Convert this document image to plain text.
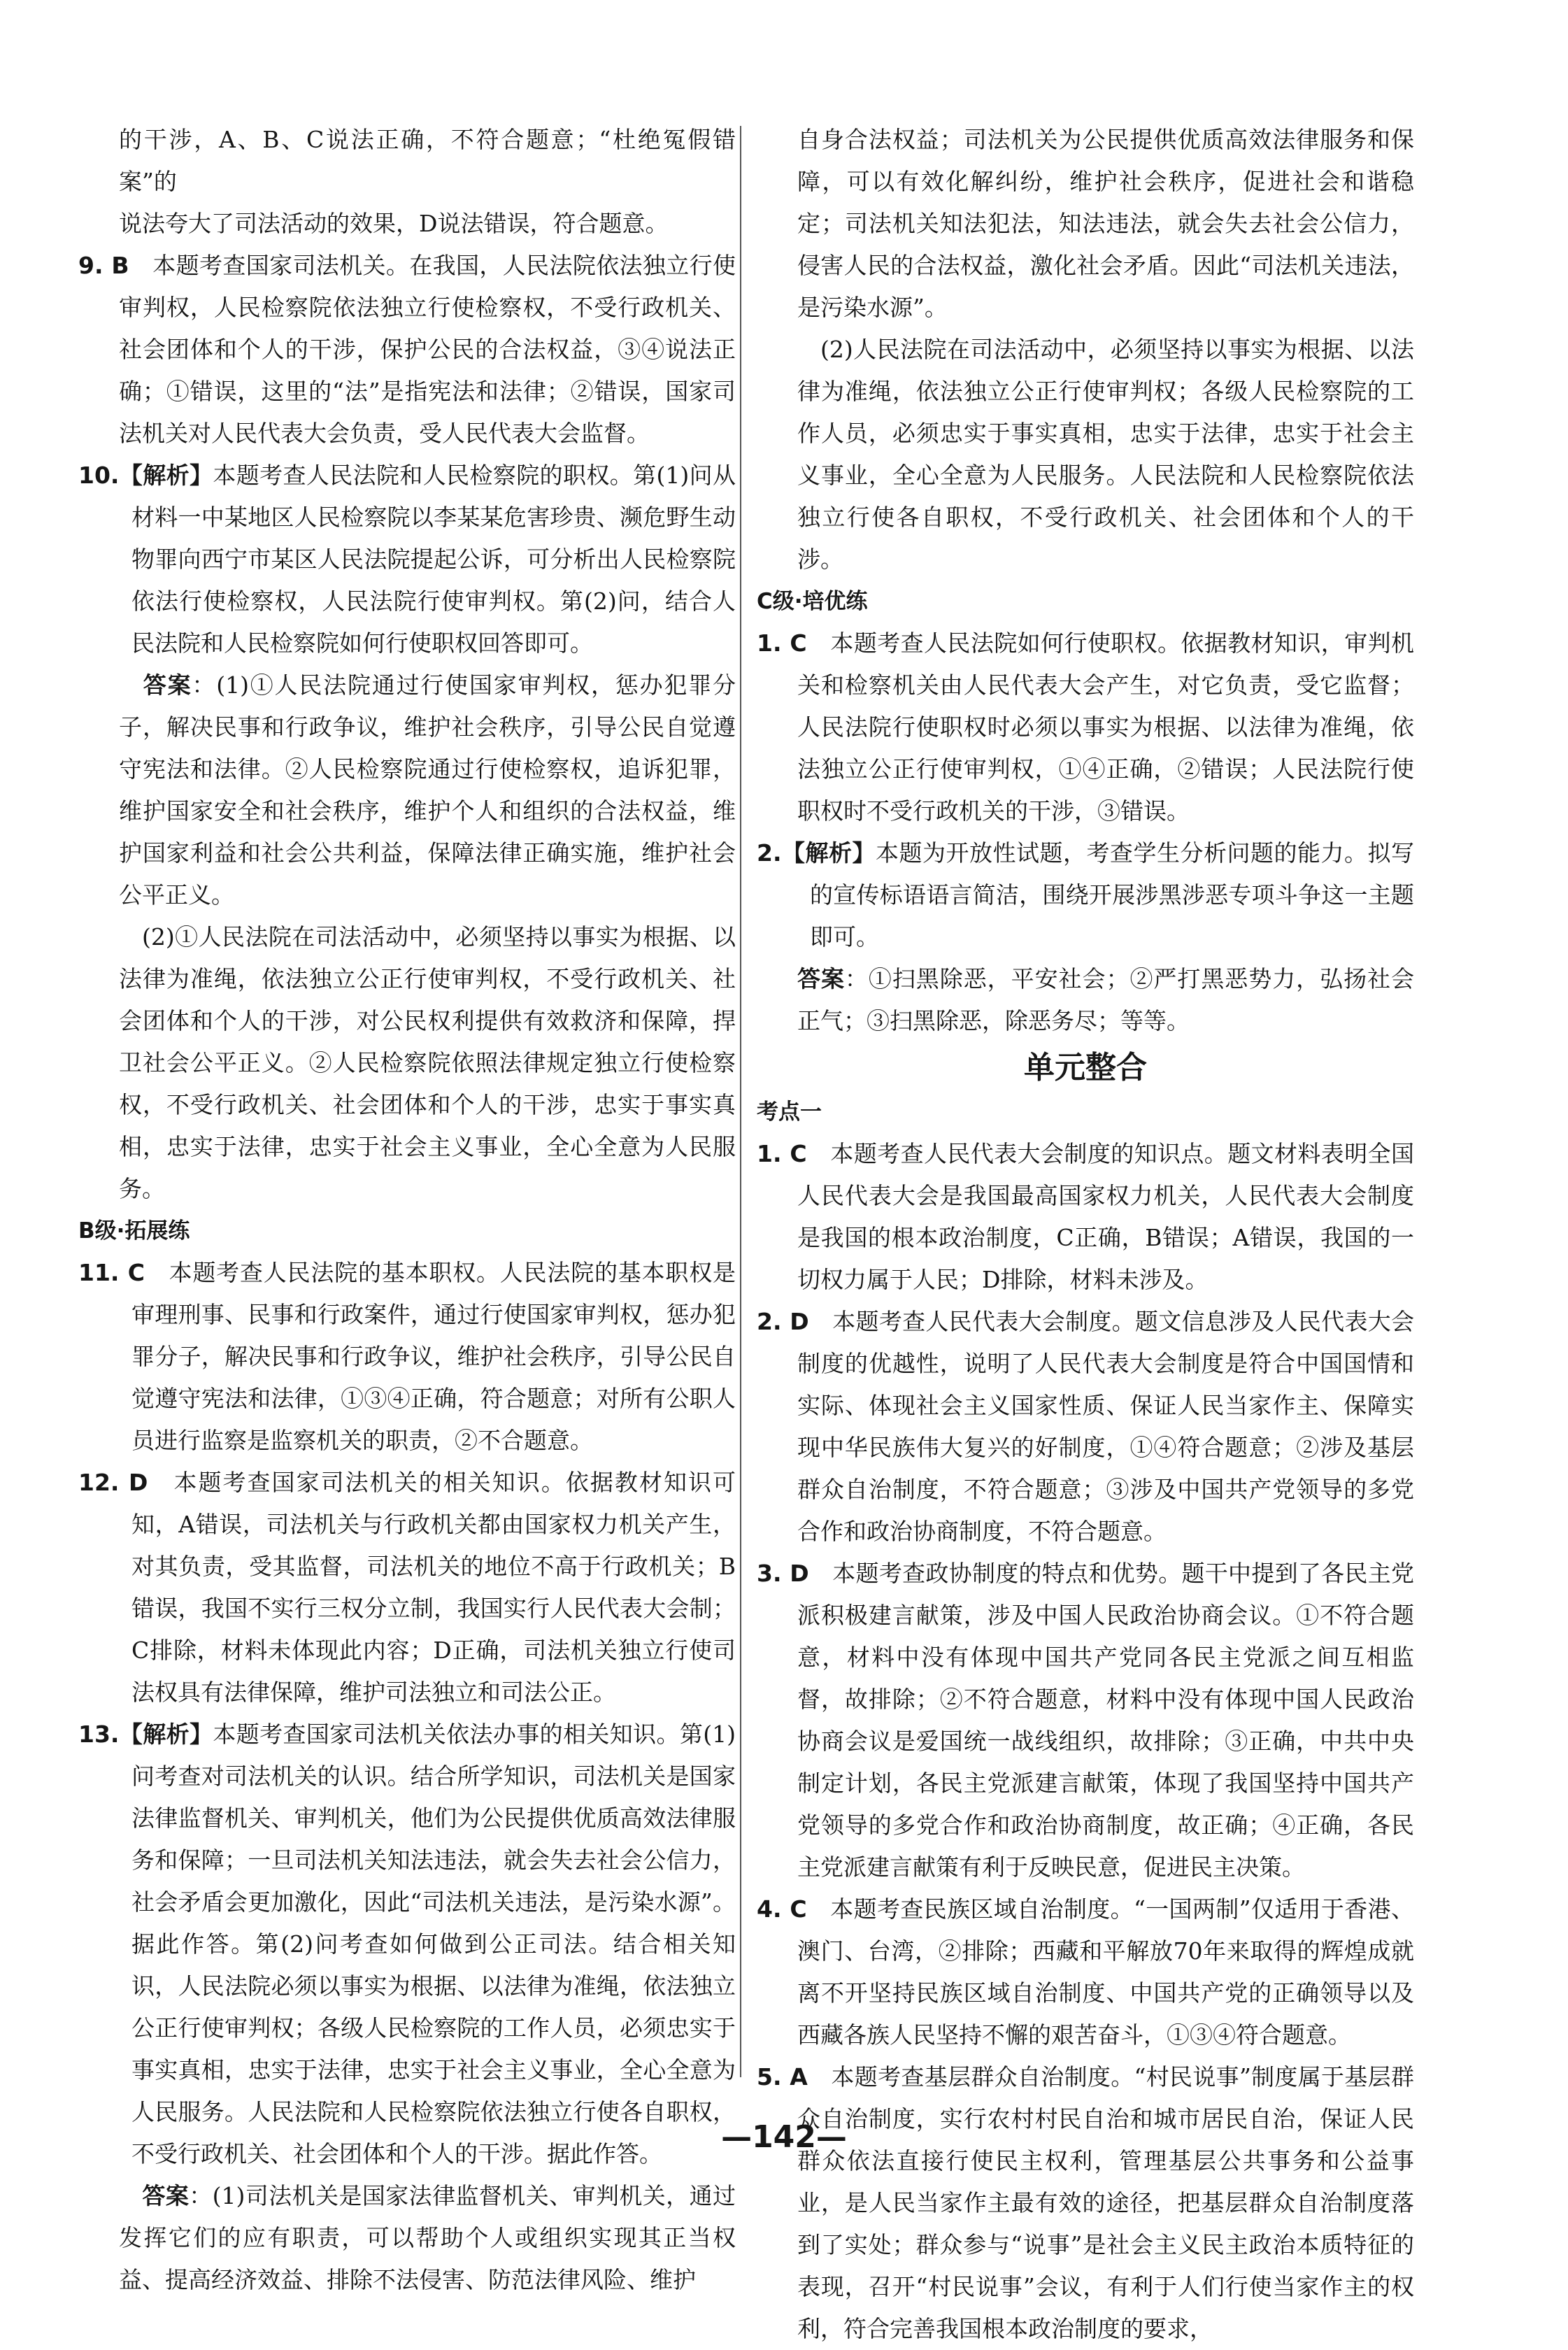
的干涉，A、B、C说法正确，不符合题意；“杜绝冤假错案”的
说法夸大了司法活动的效果，D说法错误，符合题意。

9. B　 本题考查国家司法机关。在我国，人民法院依法独立行使审判权，人民检察院依法独立行使检察权，不受行政机关、社会团体和个人的干涉，保护公民的合法权益，③④说法正确；①错误，这里的“法”是指宪法和法律；②错误，国家司法机关对人民代表大会负责，受人民代表大会监督。

10.【解析】本题考查人民法院和人民检察院的职权。第(1)问从材料一中某地区人民检察院以李某某危害珍贵、濒危野生动物罪向西宁市某区人民法院提起公诉，可分析出人民检察院依法行使检察权，人民法院行使审判权。第(2)问，结合人民法院和人民检察院如何行使职权回答即可。

答案：(1)①人民法院通过行使国家审判权，惩办犯罪分子，解决民事和行政争议，维护社会秩序，引导公民自觉遵守宪法和法律。②人民检察院通过行使检察权，追诉犯罪，维护国家安全和社会秩序，维护个人和组织的合法权益，维护国家利益和社会公共利益，保障法律正确实施，维护社会公平正义。

(2)①人民法院在司法活动中，必须坚持以事实为根据、以法律为准绳，依法独立公正行使审判权，不受行政机关、社会团体和个人的干涉，对公民权利提供有效救济和保障，捍卫社会公平正义。②人民检察院依照法律规定独立行使检察权，不受行政机关、社会团体和个人的干涉，忠实于事实真相，忠实于法律，忠实于社会主义事业，全心全意为人民服务。

B级·拓展练

11. C　 本题考查人民法院的基本职权。人民法院的基本职权是审理刑事、民事和行政案件，通过行使国家审判权，惩办犯罪分子，解决民事和行政争议，维护社会秩序，引导公民自觉遵守宪法和法律，①③④正确，符合题意；对所有公职人员进行监察是监察机关的职责，②不合题意。

12. D　 本题考查国家司法机关的相关知识。依据教材知识可知，A错误，司法机关与行政机关都由国家权力机关产生，对其负责，受其监督，司法机关的地位不高于行政机关；B错误，我国不实行三权分立制，我国实行人民代表大会制；C排除，材料未体现此内容；D正确，司法机关独立行使司法权具有法律保障，维护司法独立和司法公正。

13.【解析】本题考查国家司法机关依法办事的相关知识。第(1)问考查对司法机关的认识。结合所学知识，司法机关是国家法律监督机关、审判机关，他们为公民提供优质高效法律服务和保障；一旦司法机关知法违法，就会失去社会公信力，社会矛盾会更加激化，因此“司法机关违法，是污染水源”。据此作答。第(2)问考查如何做到公正司法。结合相关知识，人民法院必须以事实为根据、以法律为准绳，依法独立公正行使审判权；各级人民检察院的工作人员，必须忠实于事实真相，忠实于法律，忠实于社会主义事业，全心全意为人民服务。人民法院和人民检察院依法独立行使各自职权，不受行政机关、社会团体和个人的干涉。据此作答。

答案：(1)司法机关是国家法律监督机关、审判机关，通过发挥它们的应有职责，可以帮助个人或组织实现其正当权益、提高经济效益、排除不法侵害、防范法律风险、维护

自身合法权益；司法机关为公民提供优质高效法律服务和保障，可以有效化解纠纷，维护社会秩序，促进社会和谐稳定；司法机关知法犯法，知法违法，就会失去社会公信力，侵害人民的合法权益，激化社会矛盾。因此“司法机关违法，是污染水源”。

(2)人民法院在司法活动中，必须坚持以事实为根据、以法律为准绳，依法独立公正行使审判权；各级人民检察院的工作人员，必须忠实于事实真相，忠实于法律，忠实于社会主义事业，全心全意为人民服务。人民法院和人民检察院依法独立行使各自职权，不受行政机关、社会团体和个人的干涉。

C级·培优练

1. C　 本题考查人民法院如何行使职权。依据教材知识，审判机关和检察机关由人民代表大会产生，对它负责，受它监督；人民法院行使职权时必须以事实为根据、以法律为准绳，依法独立公正行使审判权，①④正确，②错误；人民法院行使职权时不受行政机关的干涉，③错误。

2.【解析】本题为开放性试题，考查学生分析问题的能力。拟写的宣传标语语言简洁，围绕开展涉黑涉恶专项斗争这一主题即可。

答案：①扫黑除恶，平安社会；②严打黑恶势力，弘扬社会正气；③扫黑除恶，除恶务尽；等等。

单元整合

考点一

1. C　 本题考查人民代表大会制度的知识点。题文材料表明全国人民代表大会是我国最高国家权力机关，人民代表大会制度是我国的根本政治制度，C正确，B错误；A错误，我国的一切权力属于人民；D排除，材料未涉及。

2. D　 本题考查人民代表大会制度。题文信息涉及人民代表大会制度的优越性，说明了人民代表大会制度是符合中国国情和实际、体现社会主义国家性质、保证人民当家作主、保障实现中华民族伟大复兴的好制度，①④符合题意；②涉及基层群众自治制度，不符合题意；③涉及中国共产党领导的多党合作和政治协商制度，不符合题意。

3. D　 本题考查政协制度的特点和优势。题干中提到了各民主党派积极建言献策，涉及中国人民政治协商会议。①不符合题意，材料中没有体现中国共产党同各民主党派之间互相监督，故排除；②不符合题意，材料中没有体现中国人民政治协商会议是爱国统一战线组织，故排除；③正确，中共中央制定计划，各民主党派建言献策，体现了我国坚持中国共产党领导的多党合作和政治协商制度，故正确；④正确，各民主党派建言献策有利于反映民意，促进民主决策。

4. C　 本题考查民族区域自治制度。“一国两制”仅适用于香港、澳门、台湾，②排除；西藏和平解放70年来取得的辉煌成就离不开坚持民族区域自治制度、中国共产党的正确领导以及西藏各族人民坚持不懈的艰苦奋斗，①③④符合题意。

5. A　 本题考查基层群众自治制度。“村民说事”制度属于基层群众自治制度，实行农村村民自治和城市居民自治，保证人民群众依法直接行使民主权利，管理基层公共事务和公益事业，是人民当家作主最有效的途径，把基层群众自治制度落到了实处；群众参与“说事”是社会主义民主政治本质特征的表现，召开“村民说事”会议，有利于人们行使当家作主的权利，符合完善我国根本政治制度的要求，

—142—
